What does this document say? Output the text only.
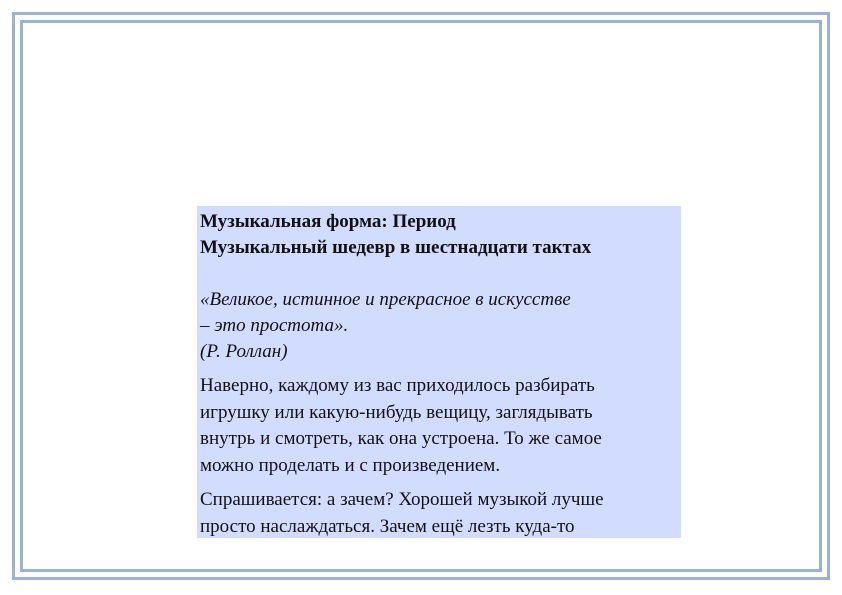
Музыкальная форма: Период
Музыкальный шедевр в шестнадцати тактах
«Великое, истинное и прекрасное в искусстве
– это простота».
(Р. Роллан)
Наверно, каждому из вас приходилось разбирать
игрушку или какую-нибудь вещицу, заглядывать
внутрь и смотреть, как она устроена. То же самое
можно проделать и с произведением.
Спрашивается: а зачем? Хорошей музыкой лучше
просто наслаждаться. Зачем ещё лезть куда-то
